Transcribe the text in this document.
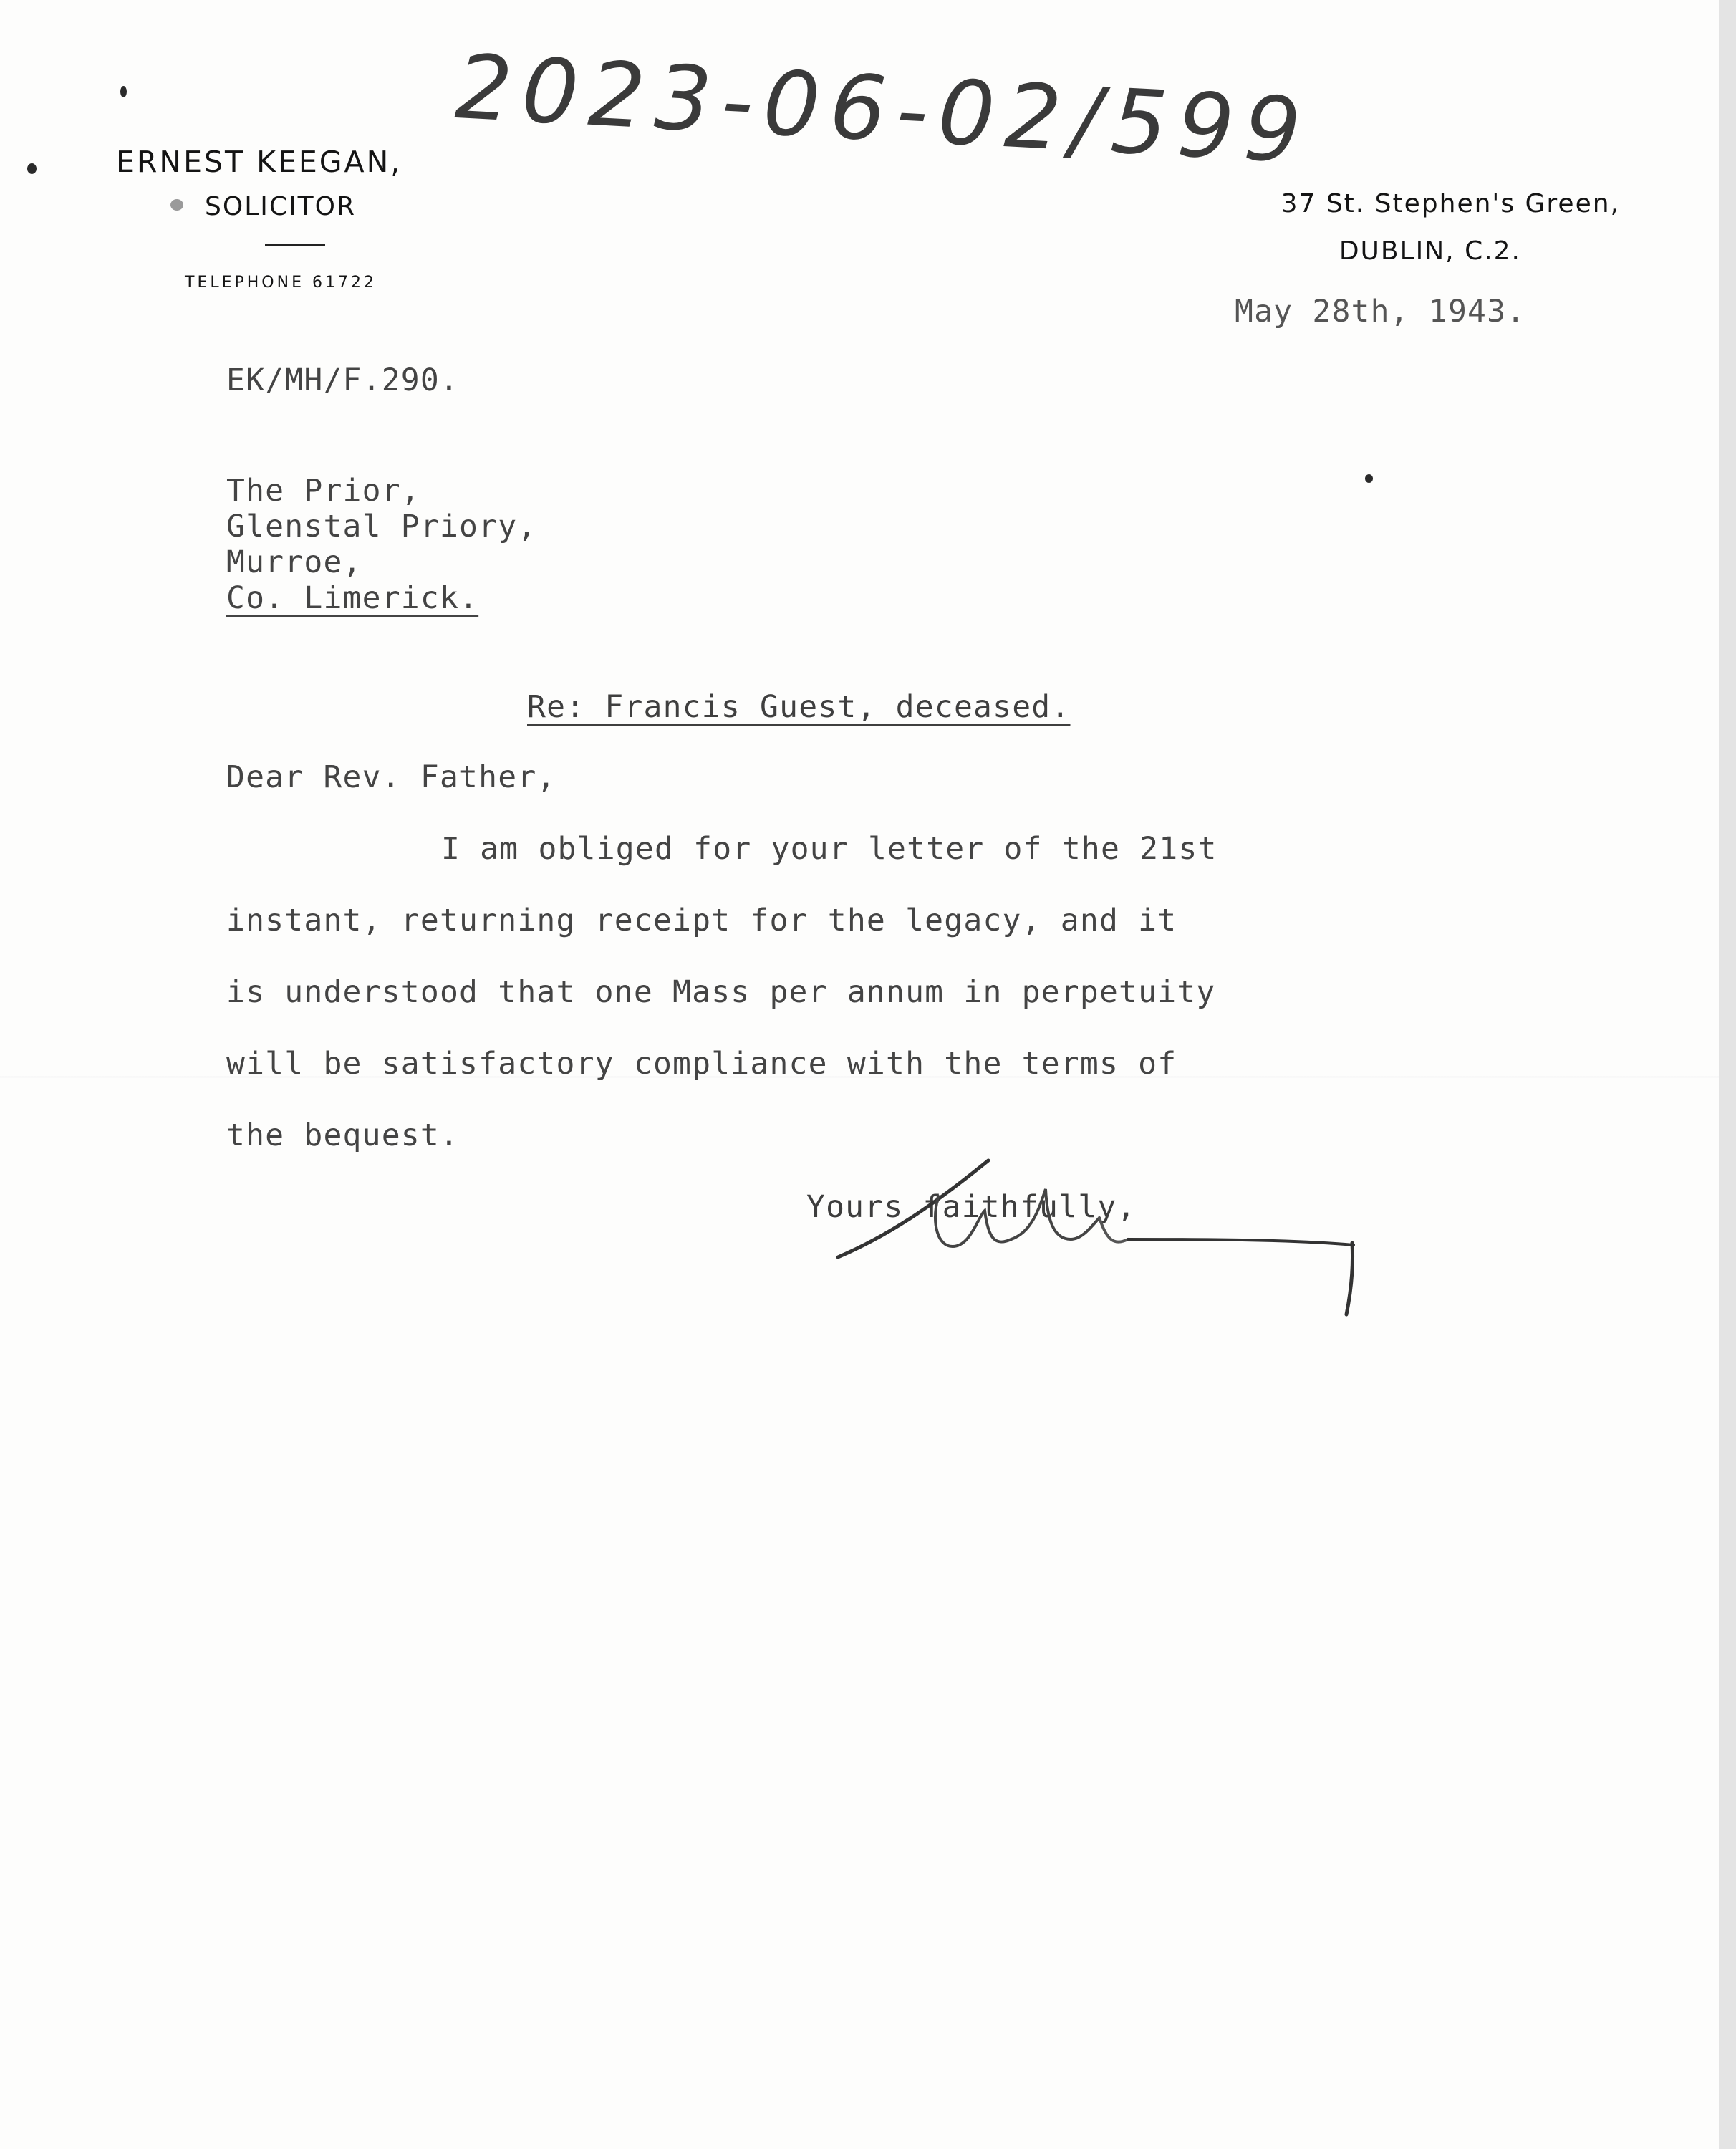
2023-06-02/599
ERNEST KEEGAN,
SOLICITOR
TELEPHONE 61722
37 St. Stephen's Green,
DUBLIN, C.2.
May 28th, 1943.
EK/MH/F.290.
The Prior,
Glenstal Priory,
Murroe,
Co. Limerick.
Re: Francis Guest, deceased.
Dear Rev. Father,
I am obliged for your letter of the 21st
instant, returning receipt for the legacy, and it
is understood that one Mass per annum in perpetuity
will be satisfactory compliance with the terms of
the bequest.
Yours faithfully,
